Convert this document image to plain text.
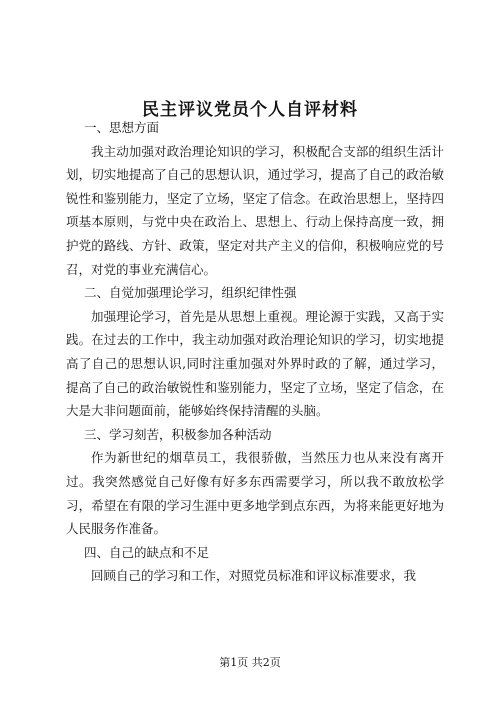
民主评议党员个人自评材料

一、思想方面

我主动加强对政治理论知识的学习，积极配合支部的组织生活计划，切实地提高了自己的思想认识，通过学习，提高了自己的政治敏锐性和鉴别能力，坚定了立场，坚定了信念。在政治思想上，坚持四项基本原则，与党中央在政治上、思想上、行动上保持高度一致，拥护党的路线、方针、政策，坚定对共产主义的信仰，积极响应党的号召，对党的事业充满信心。

二、自觉加强理论学习，组织纪律性强

加强理论学习，首先是从思想上重视。理论源于实践，又高于实践。在过去的工作中，我主动加强对政治理论知识的学习，切实地提高了自己的思想认识,同时注重加强对外界时政的了解，通过学习，提高了自己的政治敏锐性和鉴别能力，坚定了立场，坚定了信念，在大是大非问题面前，能够始终保持清醒的头脑。

三、学习刻苦，积极参加各种活动

作为新世纪的烟草员工，我很骄傲，当然压力也从来没有离开过。我突然感觉自己好像有好多东西需要学习，所以我不敢放松学习，希望在有限的学习生涯中更多地学到点东西，为将来能更好地为人民服务作准备。

四、自己的缺点和不足

回顾自己的学习和工作，对照党员标准和评议标准要求，我

第1页 共2页
